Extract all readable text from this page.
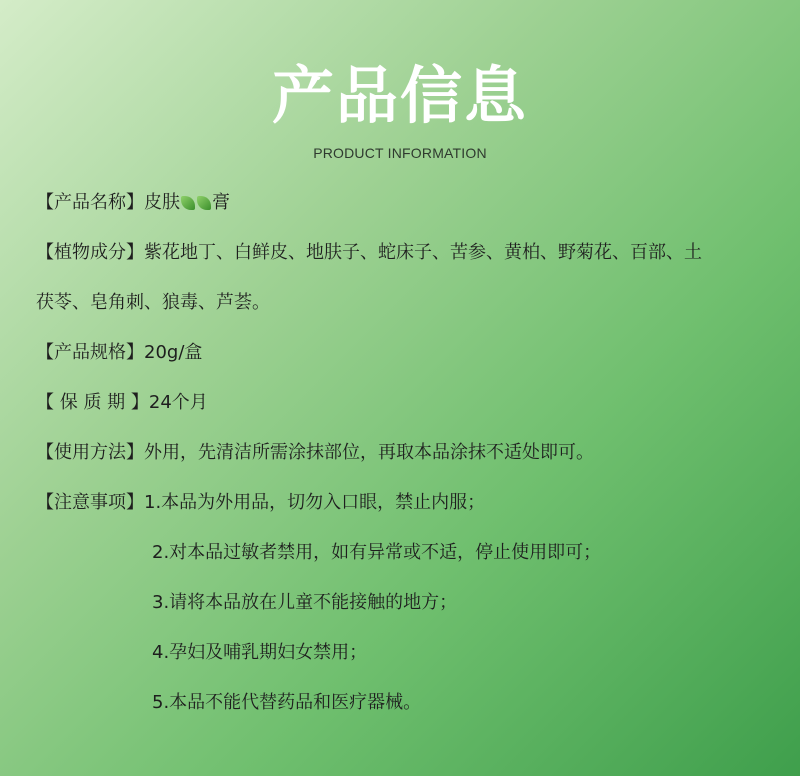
产品信息
PRODUCT INFORMATION
【产品名称】皮肤 膏
【植物成分】紫花地丁、白鲜皮、地肤子、蛇床子、苦参、黄柏、野菊花、百部、土
茯苓、皂角刺、狼毒、芦荟。
【产品规格】20g/盒
【 保 质 期 】24个月
【使用方法】外用，先清洁所需涂抹部位，再取本品涂抹不适处即可。
【注意事项】1.本品为外用品，切勿入口眼，禁止内服；
2.对本品过敏者禁用，如有异常或不适，停止使用即可；
3.请将本品放在儿童不能接触的地方；
4.孕妇及哺乳期妇女禁用；
5.本品不能代替药品和医疗器械。
